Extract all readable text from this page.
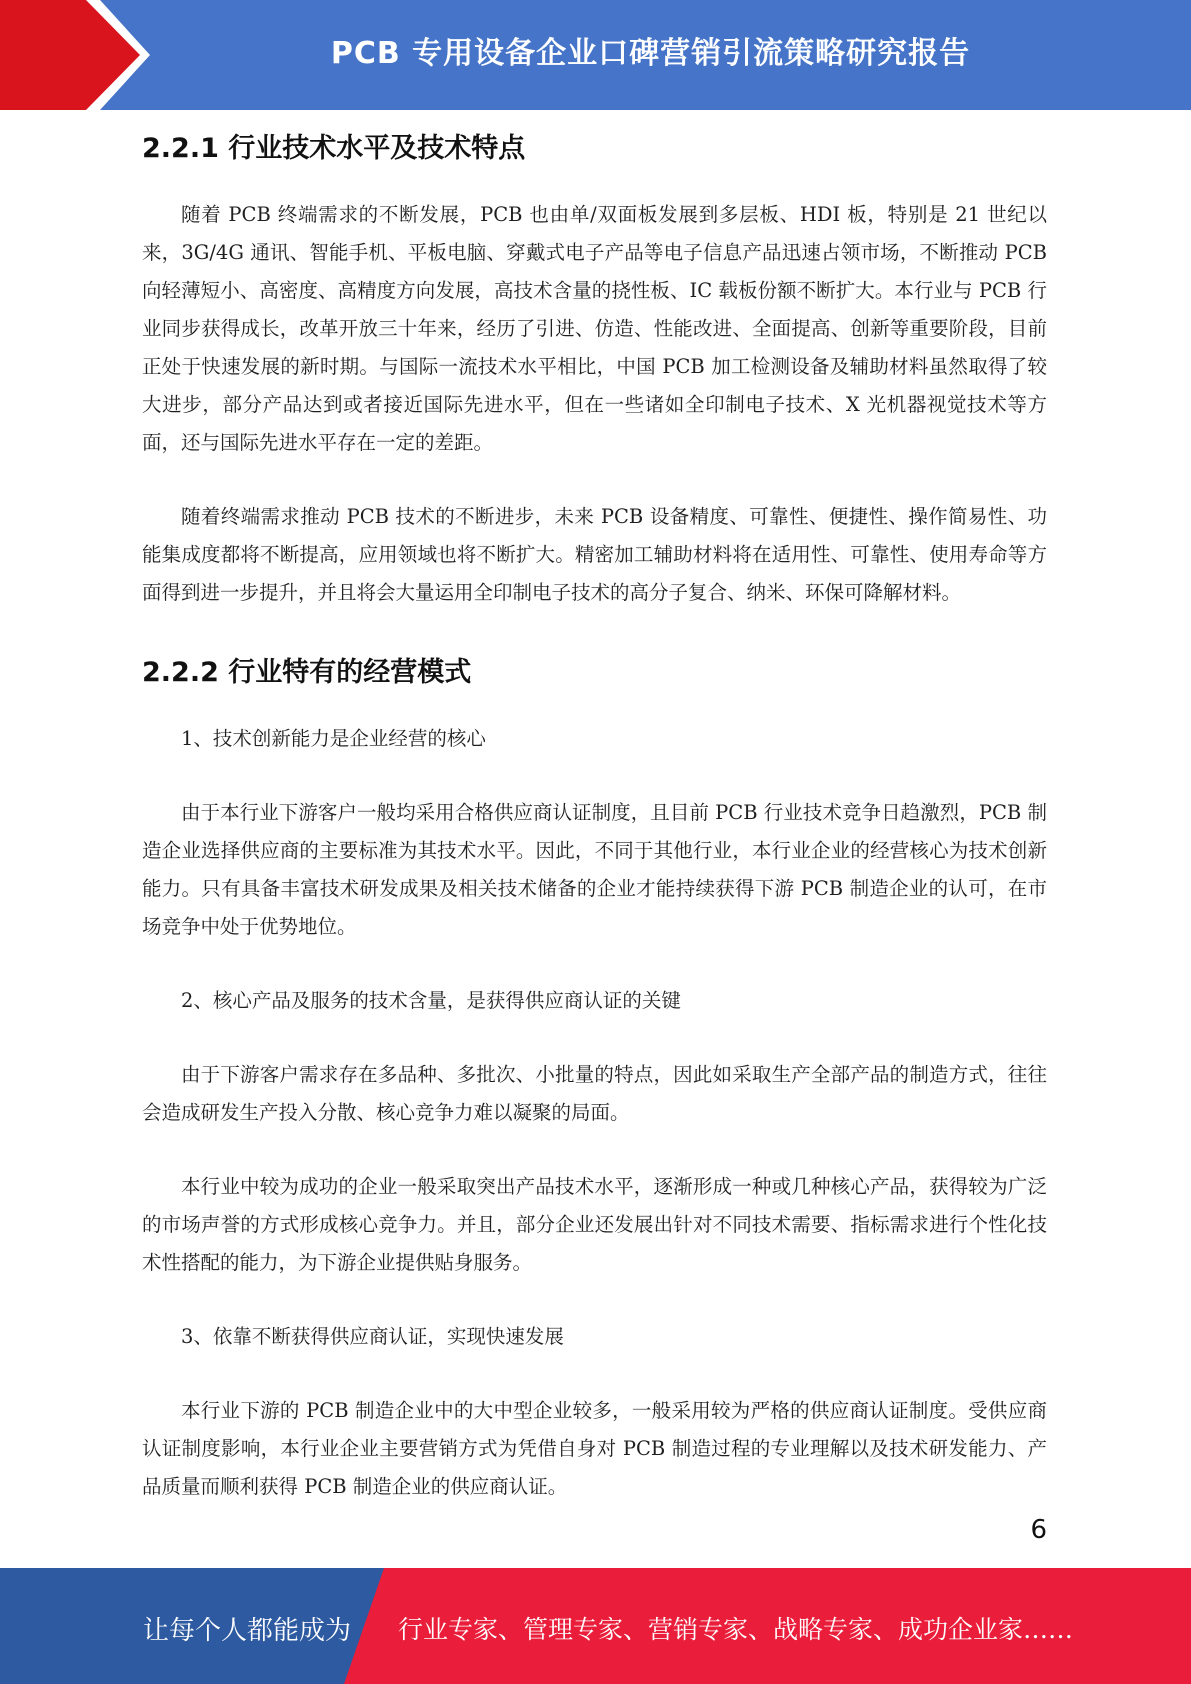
PCB 专用设备企业口碑营销引流策略研究报告
2.2.1 行业技术水平及技术特点

随着 PCB 终端需求的不断发展，PCB 也由单/双面板发展到多层板、HDI 板，特别是 21 世纪以来，3G/4G 通讯、智能手机、平板电脑、穿戴式电子产品等电子信息产品迅速占领市场，不断推动 PCB 向轻薄短小、高密度、高精度方向发展，高技术含量的挠性板、IC 载板份额不断扩大。本行业与 PCB 行业同步获得成长，改革开放三十年来，经历了引进、仿造、性能改进、全面提高、创新等重要阶段，目前正处于快速发展的新时期。与国际一流技术水平相比，中国 PCB 加工检测设备及辅助材料虽然取得了较大进步，部分产品达到或者接近国际先进水平，但在一些诸如全印制电子技术、X 光机器视觉技术等方面，还与国际先进水平存在一定的差距。

随着终端需求推动 PCB 技术的不断进步，未来 PCB 设备精度、可靠性、便捷性、操作简易性、功能集成度都将不断提高，应用领域也将不断扩大。精密加工辅助材料将在适用性、可靠性、使用寿命等方面得到进一步提升，并且将会大量运用全印制电子技术的高分子复合、纳米、环保可降解材料。

2.2.2 行业特有的经营模式

1、技术创新能力是企业经营的核心

由于本行业下游客户一般均采用合格供应商认证制度，且目前 PCB 行业技术竞争日趋激烈，PCB 制造企业选择供应商的主要标准为其技术水平。因此，不同于其他行业，本行业企业的经营核心为技术创新能力。只有具备丰富技术研发成果及相关技术储备的企业才能持续获得下游 PCB 制造企业的认可，在市场竞争中处于优势地位。

2、核心产品及服务的技术含量，是获得供应商认证的关键

由于下游客户需求存在多品种、多批次、小批量的特点，因此如采取生产全部产品的制造方式，往往会造成研发生产投入分散、核心竞争力难以凝聚的局面。

本行业中较为成功的企业一般采取突出产品技术水平，逐渐形成一种或几种核心产品，获得较为广泛的市场声誉的方式形成核心竞争力。并且，部分企业还发展出针对不同技术需要、指标需求进行个性化技术性搭配的能力，为下游企业提供贴身服务。

3、依靠不断获得供应商认证，实现快速发展

本行业下游的 PCB 制造企业中的大中型企业较多，一般采用较为严格的供应商认证制度。受供应商认证制度影响，本行业企业主要营销方式为凭借自身对 PCB 制造过程的专业理解以及技术研发能力、产品质量而顺利获得 PCB 制造企业的供应商认证。

6
让每个人都能成为 行业专家、管理专家、营销专家、战略专家、成功企业家……
